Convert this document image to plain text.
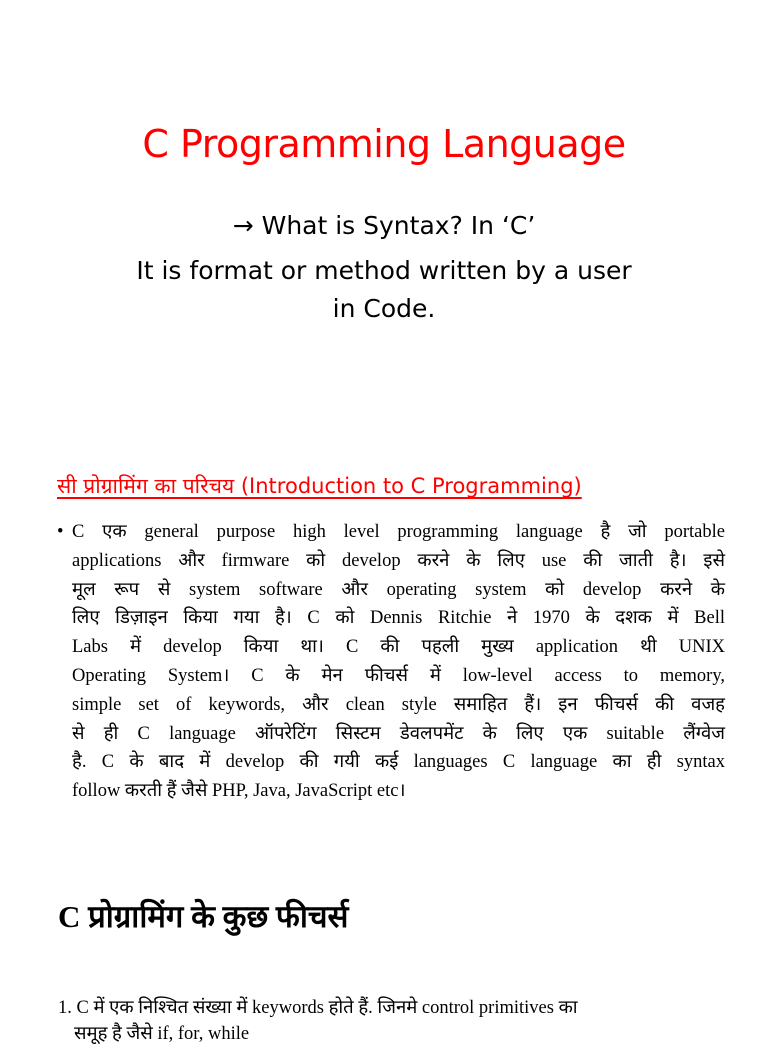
C Programming Language
→ What is Syntax? In ‘C’
It is format or method written by a user
in Code.
सी प्रोग्रामिंग का परिचय (Introduction to C Programming)
• C एक general purpose high level programming language है जो portable
applications और firmware को develop करने के लिए use की जाती है। इसे
मूल रूप से system software और operating system को develop करने के
लिए डिज़ाइन किया गया है। C को Dennis Ritchie ने 1970 के दशक में Bell
Labs में develop किया था। C की पहली मुख्य application थी UNIX
Operating System। C के मेन फीचर्स में low-level access to memory,
simple set of keywords, और clean style समाहित हैं। इन फीचर्स की वजह
से ही C language ऑपरेटिंग सिस्टम डेवलपमेंट के लिए एक suitable लैंग्वेज
है. C के बाद में develop की गयी कई languages C language का ही syntax
follow करती हैं जैसे PHP, Java, JavaScript etc।
C प्रोग्रामिंग के कुछ फीचर्स
1. C में एक निश्चित संख्या में keywords होते हैं. जिनमे control primitives का
समूह है जैसे if, for, while
